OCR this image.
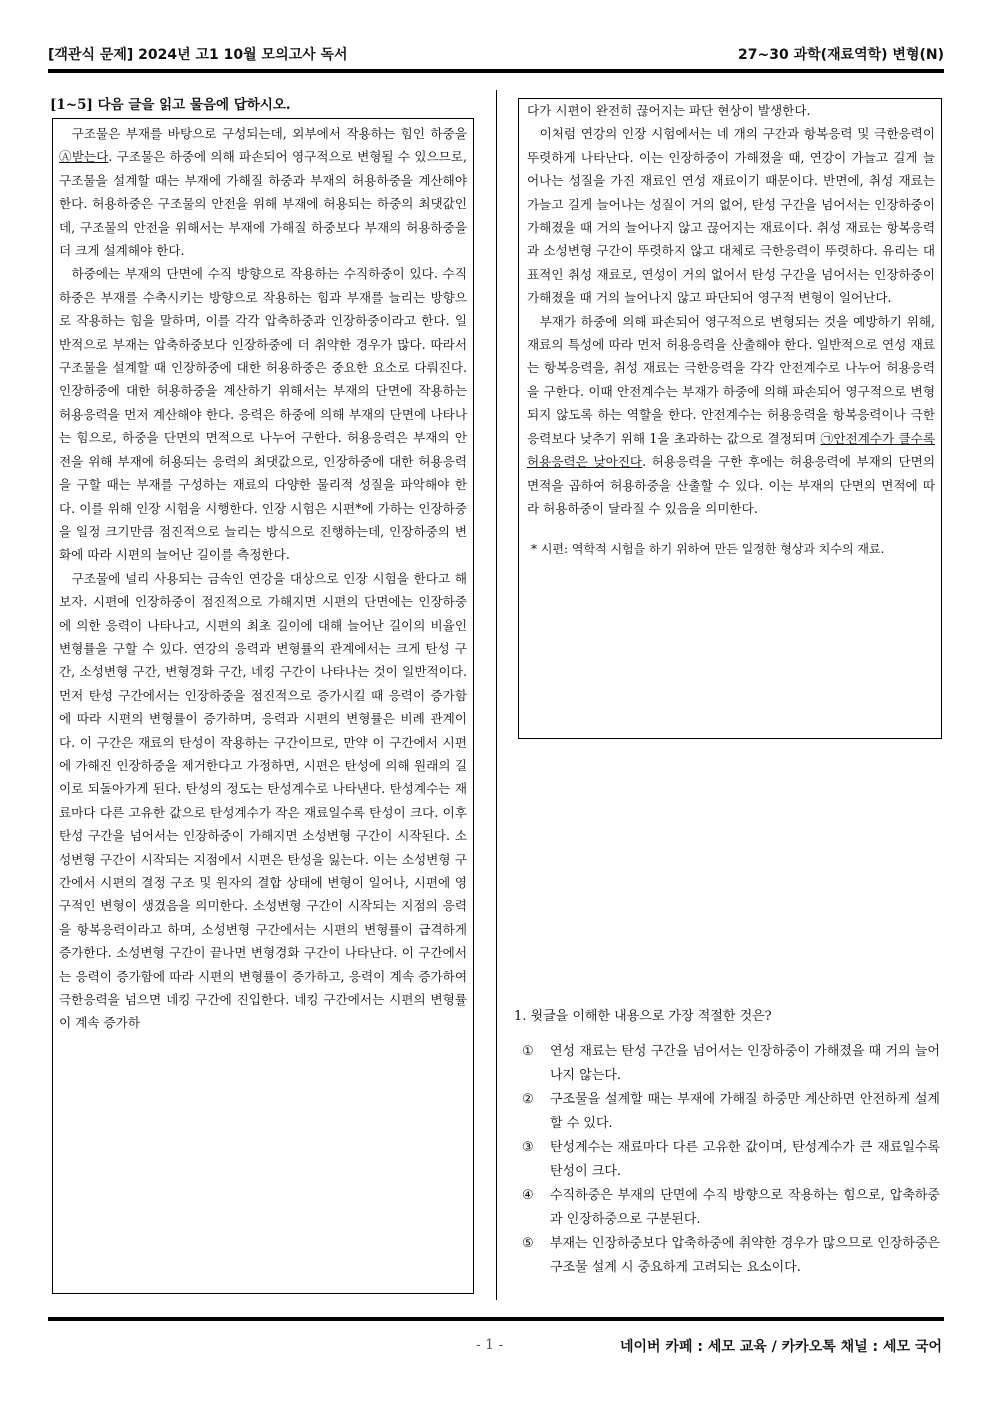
[객관식 문제] 2024년 고1 10월 모의고사 독서	27~30 과학(재료역학) 변형(N)
[1~5] 다음 글을 읽고 물음에 답하시오.

구조물은 부재를 바탕으로 구성되는데, 외부에서 작용하는 힘인 하중을 Ⓐ받는다. 구조물은 하중에 의해 파손되어 영구적으로 변형될 수 있으므로, 구조물을 설계할 때는 부재에 가해질 하중과 부재의 허용하중을 계산해야 한다. 허용하중은 구조물의 안전을 위해 부재에 허용되는 하중의 최댓값인데, 구조물의 안전을 위해서는 부재에 가해질 하중보다 부재의 허용하중을 더 크게 설계해야 한다.

하중에는 부재의 단면에 수직 방향으로 작용하는 수직하중이 있다. 수직하중은 부재를 수축시키는 방향으로 작용하는 힘과 부재를 늘리는 방향으로 작용하는 힘을 말하며, 이를 각각 압축하중과 인장하중이라고 한다. 일반적으로 부재는 압축하중보다 인장하중에 더 취약한 경우가 많다. 따라서 구조물을 설계할 때 인장하중에 대한 허용하중은 중요한 요소로 다뤄진다. 인장하중에 대한 허용하중을 계산하기 위해서는 부재의 단면에 작용하는 허용응력을 먼저 계산해야 한다. 응력은 하중에 의해 부재의 단면에 나타나는 힘으로, 하중을 단면의 면적으로 나누어 구한다. 허용응력은 부재의 안전을 위해 부재에 허용되는 응력의 최댓값으로, 인장하중에 대한 허용응력을 구할 때는 부재를 구성하는 재료의 다양한 물리적 성질을 파악해야 한다. 이를 위해 인장 시험을 시행한다. 인장 시험은 시편*에 가하는 인장하중을 일정 크기만큼 점진적으로 늘리는 방식으로 진행하는데, 인장하중의 변화에 따라 시편의 늘어난 길이를 측정한다.

구조물에 널리 사용되는 금속인 연강을 대상으로 인장 시험을 한다고 해 보자. 시편에 인장하중이 점진적으로 가해지면 시편의 단면에는 인장하중에 의한 응력이 나타나고, 시편의 최초 길이에 대해 늘어난 길이의 비율인 변형률을 구할 수 있다. 연강의 응력과 변형률의 관계에서는 크게 탄성 구간, 소성변형 구간, 변형경화 구간, 네킹 구간이 나타나는 것이 일반적이다. 먼저 탄성 구간에서는 인장하중을 점진적으로 증가시킬 때 응력이 증가함에 따라 시편의 변형률이 증가하며, 응력과 시편의 변형률은 비례 관계이다. 이 구간은 재료의 탄성이 작용하는 구간이므로, 만약 이 구간에서 시편에 가해진 인장하중을 제거한다고 가정하면, 시편은 탄성에 의해 원래의 길이로 되돌아가게 된다. 탄성의 정도는 탄성계수로 나타낸다. 탄성계수는 재료마다 다른 고유한 값으로 탄성계수가 작은 재료일수록 탄성이 크다. 이후 탄성 구간을 넘어서는 인장하중이 가해지면 소성변형 구간이 시작된다. 소성변형 구간이 시작되는 지점에서 시편은 탄성을 잃는다. 이는 소성변형 구간에서 시편의 결정 구조 및 원자의 결합 상태에 변형이 일어나, 시편에 영구적인 변형이 생겼음을 의미한다. 소성변형 구간이 시작되는 지점의 응력을 항복응력이라고 하며, 소성변형 구간에서는 시편의 변형률이 급격하게 증가한다. 소성변형 구간이 끝나면 변형경화 구간이 나타난다. 이 구간에서는 응력이 증가함에 따라 시편의 변형률이 증가하고, 응력이 계속 증가하여 극한응력을 넘으면 네킹 구간에 진입한다. 네킹 구간에서는 시편의 변형률이 계속 증가하

다가 시편이 완전히 끊어지는 파단 현상이 발생한다.

이처럼 연강의 인장 시험에서는 네 개의 구간과 항복응력 및 극한응력이 뚜렷하게 나타난다. 이는 인장하중이 가해졌을 때, 연강이 가늘고 길게 늘어나는 성질을 가진 재료인 연성 재료이기 때문이다. 반면에, 취성 재료는 가늘고 길게 늘어나는 성질이 거의 없어, 탄성 구간을 넘어서는 인장하중이 가해졌을 때 거의 늘어나지 않고 끊어지는 재료이다. 취성 재료는 항복응력과 소성변형 구간이 뚜렷하지 않고 대체로 극한응력이 뚜렷하다. 유리는 대표적인 취성 재료로, 연성이 거의 없어서 탄성 구간을 넘어서는 인장하중이 가해졌을 때 거의 늘어나지 않고 파단되어 영구적 변형이 일어난다.

부재가 하중에 의해 파손되어 영구적으로 변형되는 것을 예방하기 위해, 재료의 특성에 따라 먼저 허용응력을 산출해야 한다. 일반적으로 연성 재료는 항복응력을, 취성 재료는 극한응력을 각각 안전계수로 나누어 허용응력을 구한다. 이때 안전계수는 부재가 하중에 의해 파손되어 영구적으로 변형되지 않도록 하는 역할을 한다. 안전계수는 허용응력을 항복응력이나 극한응력보다 낮추기 위해 1을 초과하는 값으로 결정되며 ㉠안전계수가 클수록 허용응력은 낮아진다. 허용응력을 구한 후에는 허용응력에 부재의 단면의 면적을 곱하여 허용하중을 산출할 수 있다. 이는 부재의 단면의 면적에 따라 허용하중이 달라질 수 있음을 의미한다.

* 시편: 역학적 시험을 하기 위하여 만든 일정한 형상과 치수의 재료.
1. 윗글을 이해한 내용으로 가장 적절한 것은?
①	연성 재료는 탄성 구간을 넘어서는 인장하중이 가해졌을 때 거의 늘어나지 않는다.
②	구조물을 설계할 때는 부재에 가해질 하중만 계산하면 안전하게 설계할 수 있다.
③	탄성계수는 재료마다 다른 고유한 값이며, 탄성계수가 큰 재료일수록 탄성이 크다.
④	수직하중은 부재의 단면에 수직 방향으로 작용하는 힘으로, 압축하중과 인장하중으로 구분된다.
⑤	부재는 인장하중보다 압축하중에 취약한 경우가 많으므로 인장하중은 구조물 설계 시 중요하게 고려되는 요소이다.
- 1 -	네이버 카페 : 세모 교육 / 카카오톡 채널 : 세모 국어
